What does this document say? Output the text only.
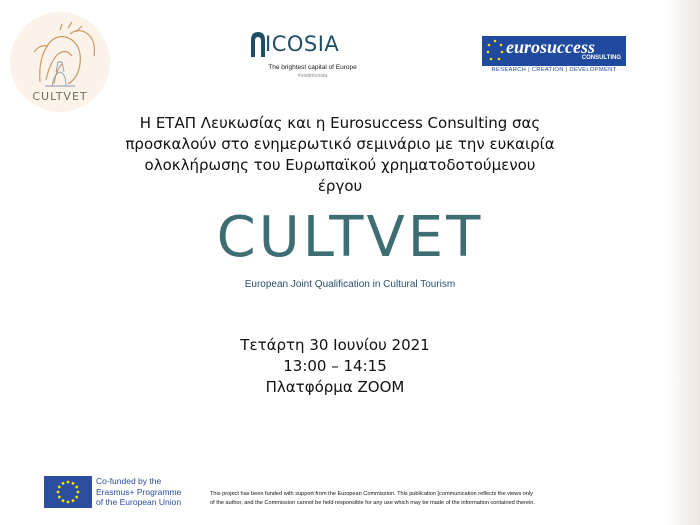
CULTVET
ICOSIA
The brightest capital of Europe
#visitnicosia
eurosuccess
CONSULTING
RESEARCH | CREATION | DEVELOPMENT
Η ΕΤΑΠ Λευκωσίας και η Eurosuccess Consulting σας
προσκαλούν στο ενημερωτικό σεμινάριο με την ευκαιρία
ολοκλήρωσης του Ευρωπαϊκού χρηματοδοτούμενου
έργου
CULTVET
European Joint Qualification in Cultural Tourism
Τετάρτη 30 Ιουνίου 2021
13:00 – 14:15
Πλατφόρμα ZOOM
Co-funded by the
Erasmus+ Programme
of the European Union
This project has been funded with support from the European Commission. This publication [communication reflects the views only
of the author, and the Commission cannot be held responsible for any use which may be made of the information contained therein.
